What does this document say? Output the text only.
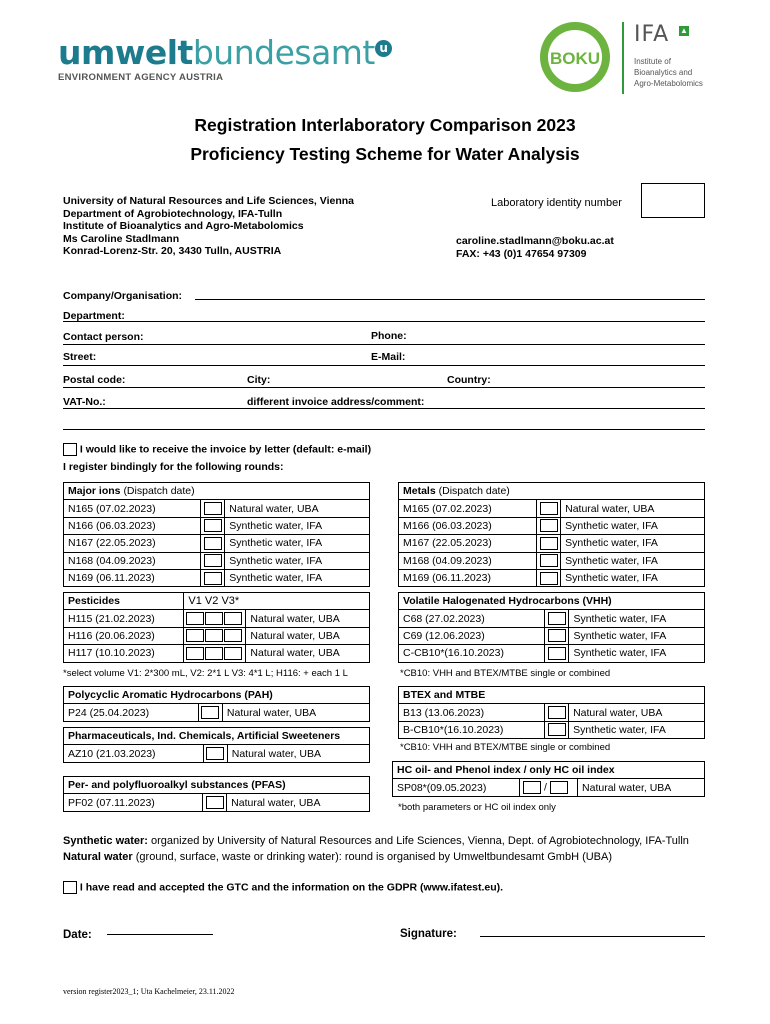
umweltbundesamt u
ENVIRONMENT AGENCY AUSTRIA
BOKU
IFA ▲
Institute of
Bioanalytics and
Agro-Metabolomics
Registration Interlaboratory Comparison 2023
Proficiency Testing Scheme for Water Analysis
University of Natural Resources and Life Sciences, Vienna
Department of Agrobiotechnology, IFA-Tulln
Institute of Bioanalytics and Agro-Metabolomics
Ms Caroline Stadlmann
Konrad-Lorenz-Str. 20, 3430 Tulln, AUSTRIA
Laboratory identity number
caroline.stadlmann@boku.ac.at
FAX: +43 (0)1 47654 97309
Company/Organisation:
Department:
Contact person:	Phone:
Street:	E-Mail:
Postal code:	City:	Country:
VAT-No.:	different invoice address/comment:
I would like to receive the invoice by letter (default: e-mail)
I register bindingly for the following rounds:
Major ions (Dispatch date)		
N165 (07.02.2023)		Natural water, UBA
N166 (06.03.2023)		Synthetic water, IFA
N167 (22.05.2023)		Synthetic water, IFA
N168 (04.09.2023)		Synthetic water, IFA
N169 (06.11.2023)		Synthetic water, IFA
Metals (Dispatch date)		
M165 (07.02.2023)		Natural water, UBA
M166 (06.03.2023)		Synthetic water, IFA
M167 (22.05.2023)		Synthetic water, IFA
M168 (04.09.2023)		Synthetic water, IFA
M169 (06.11.2023)		Synthetic water, IFA
Pesticides	V1 V2 V3*	
H115 (21.02.2023)		Natural water, UBA
H116 (20.06.2023)		Natural water, UBA
H117 (10.10.2023)		Natural water, UBA
*select volume V1: 2*300 mL, V2: 2*1 L V3: 4*1 L; H116: + each 1 L
Volatile Halogenated Hydrocarbons (VHH)		
C68 (27.02.2023)		Synthetic water, IFA
C69 (12.06.2023)		Synthetic water, IFA
C-CB10*(16.10.2023)		Synthetic water, IFA
*CB10: VHH and BTEX/MTBE single or combined
Polycyclic Aromatic Hydrocarbons (PAH)
P24 (25.04.2023)		Natural water, UBA
BTEX and MTBE		
B13 (13.06.2023)		Natural water, UBA
B-CB10*(16.10.2023)		Synthetic water, IFA
*CB10: VHH and BTEX/MTBE single or combined
Pharmaceuticals, Ind. Chemicals, Artificial Sweeteners
AZ10 (21.03.2023)		Natural water, UBA
HC oil- and Phenol index / only HC oil index
SP08*(09.05.2023)	/	Natural water, UBA
*both parameters or HC oil index only
Per- and polyfluoroalkyl substances (PFAS)
PF02 (07.11.2023)		Natural water, UBA
Synthetic water: organized by University of Natural Resources and Life Sciences, Vienna, Dept. of Agrobiotechnology, IFA-Tulln
Natural water (ground, surface, waste or drinking water): round is organised by Umweltbundesamt GmbH (UBA)
I have read and accepted the GTC and the information on the GDPR (www.ifatest.eu).
Date:	Signature:
version register2023_1; Uta Kachelmeier, 23.11.2022
